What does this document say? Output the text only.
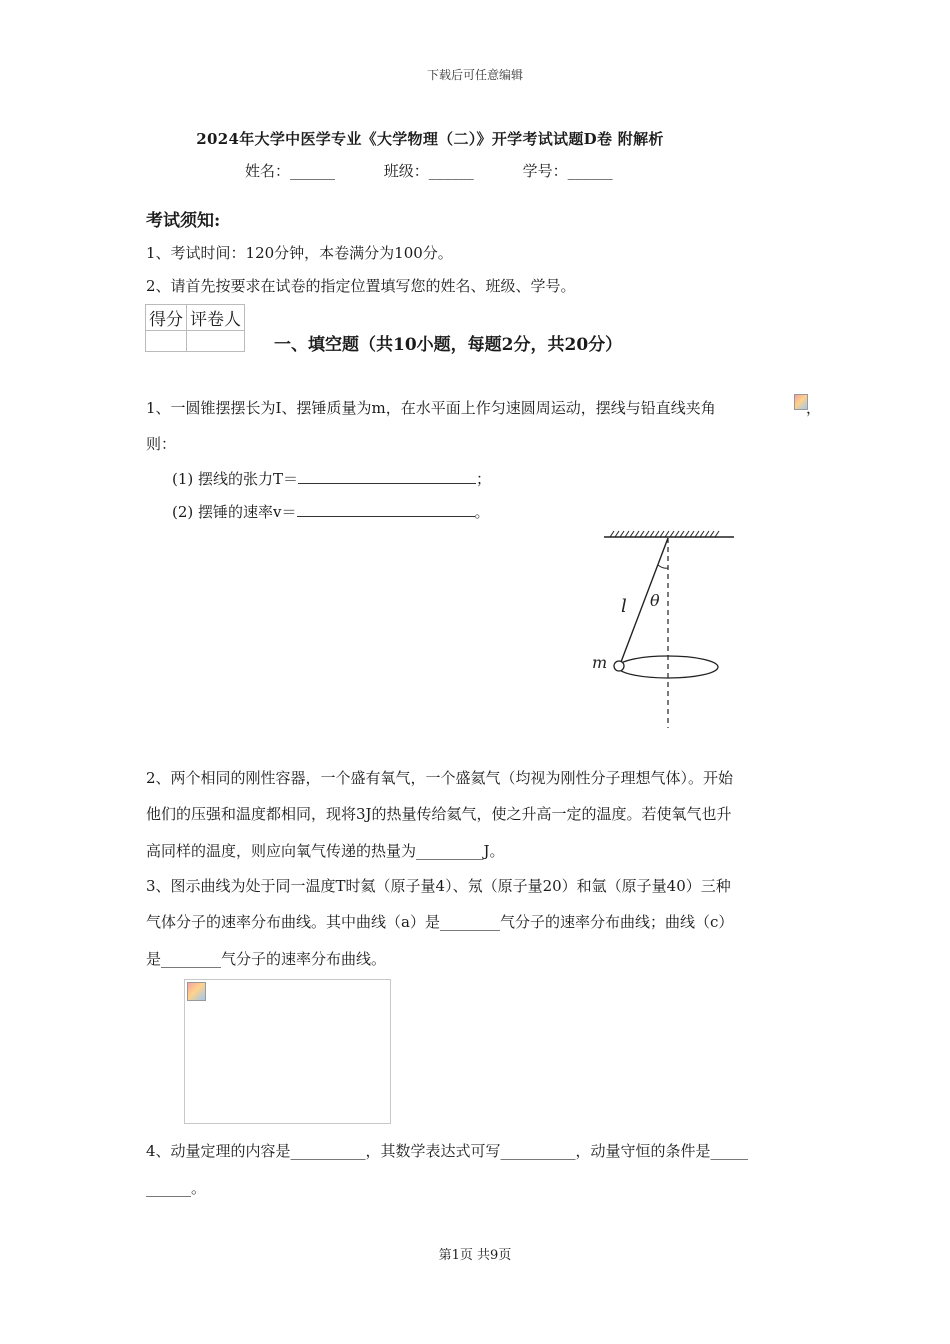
下载后可任意编辑
2024年大学中医学专业《大学物理（二）》开学考试试题D卷 附解析
姓名：______	班级：______	学号：______
考试须知:
1、考试时间：120分钟，本卷满分为100分。
2、请首先按要求在试卷的指定位置填写您的姓名、班级、学号。
得分	评卷人

一、填空题（共10小题，每题2分，共20分）
1、一圆锥摆摆长为I、摆锤质量为m，在水平面上作匀速圆周运动，摆线与铅直线夹角	，
则：
(1) 摆线的张力T＝	；
(2) 摆锤的速率v＝	。
l θ
m
2、两个相同的刚性容器，一个盛有氧气，一个盛氦气（均视为刚性分子理想气体）。开始
他们的压强和温度都相同，现将3J的热量传给氦气，使之升高一定的温度。若使氧气也升
高同样的温度，则应向氧气传递的热量为_________J。
3、图示曲线为处于同一温度T时氦（原子量4）、氖（原子量20）和氩（原子量40）三种
气体分子的速率分布曲线。其中曲线（a）是________气分子的速率分布曲线；曲线（c）
是________气分子的速率分布曲线。
4、动量定理的内容是__________，其数学表达式可写__________，动量守恒的条件是_____
______。
第1页 共9页
